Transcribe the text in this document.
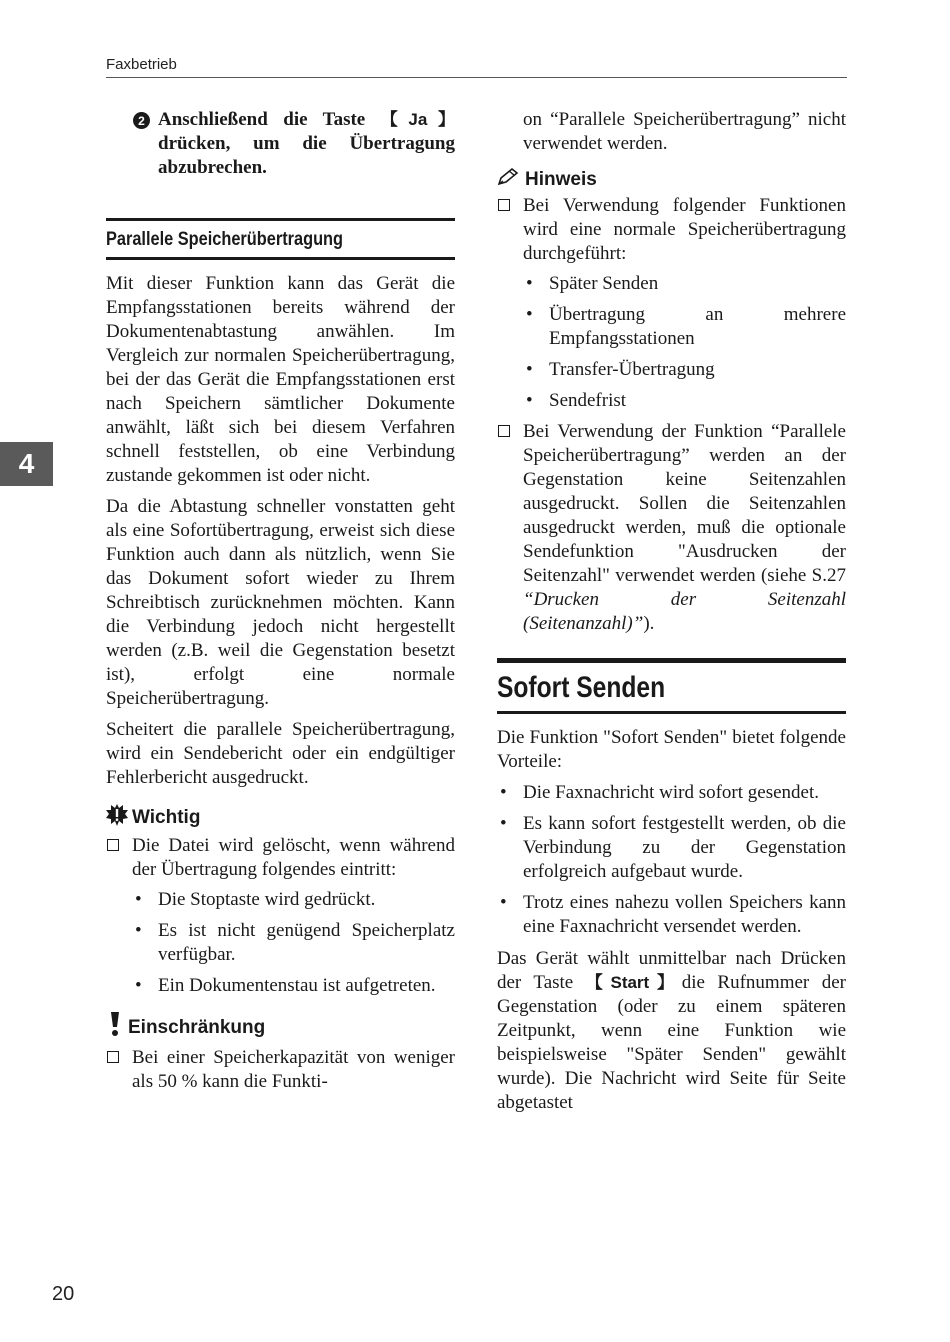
Faxbetrieb
4
20
2 Anschließend die Taste 【Ja】 drücken, um die Übertragung abzubrechen.
Parallele Speicherübertragung

Mit dieser Funktion kann das Gerät die Empfangsstationen bereits während der Dokumentenabtastung anwählen. Im Vergleich zur normalen Speicherübertragung, bei der das Gerät die Empfangsstationen erst nach Speichern sämtlicher Dokumente anwählt, läßt sich bei diesem Verfahren schnell feststellen, ob eine Verbindung zustande gekommen ist oder nicht.

Da die Abtastung schneller vonstatten geht als eine Sofortübertragung, erweist sich diese Funktion auch dann als nützlich, wenn Sie das Dokument sofort wieder zu Ihrem Schreibtisch zurücknehmen möchten. Kann die Verbindung jedoch nicht hergestellt werden (z.B. weil die Gegenstation besetzt ist), erfolgt eine normale Speicherübertragung.

Scheitert die parallele Speicherübertragung, wird ein Sendebericht oder ein endgültiger Fehlerbericht ausgedruckt.

Wichtig
Die Datei wird gelöscht, wenn während der Übertragung folgendes eintritt:
• Die Stoptaste wird gedrückt.
• Es ist nicht genügend Speicherplatz verfügbar.
• Ein Dokumentenstau ist aufgetreten.
Einschränkung
Bei einer Speicherkapazität von weniger als 50 % kann die Funkti-

on “Parallele Speicherübertragung” nicht verwendet werden.

Hinweis
Bei Verwendung folgender Funktionen wird eine normale Speicherübertragung durchgeführt:
• Später Senden
• Übertragung an mehrere Empfangsstationen
• Transfer-Übertragung
• Sendefrist
Bei Verwendung der Funktion “Parallele Speicherübertragung” werden an der Gegenstation keine Seitenzahlen ausgedruckt. Sollen die Seitenzahlen ausgedruckt werden, muß die optionale Sendefunktion "Ausdrucken der Seitenzahl" verwendet werden (siehe S.27 “Drucken der Seitenzahl (Seitenanzahl)”).
Sofort Senden

Die Funktion "Sofort Senden" bietet folgende Vorteile:

• Die Faxnachricht wird sofort gesendet.
• Es kann sofort festgestellt werden, ob die Verbindung zu der Gegenstation erfolgreich aufgebaut wurde.
• Trotz eines nahezu vollen Speichers kann eine Faxnachricht versendet werden.

Das Gerät wählt unmittelbar nach Drücken der Taste 【Start】die Rufnummer der Gegenstation (oder zu einem späteren Zeitpunkt, wenn eine Funktion wie beispielsweise "Später Senden" gewählt wurde). Die Nachricht wird Seite für Seite abgetastet
